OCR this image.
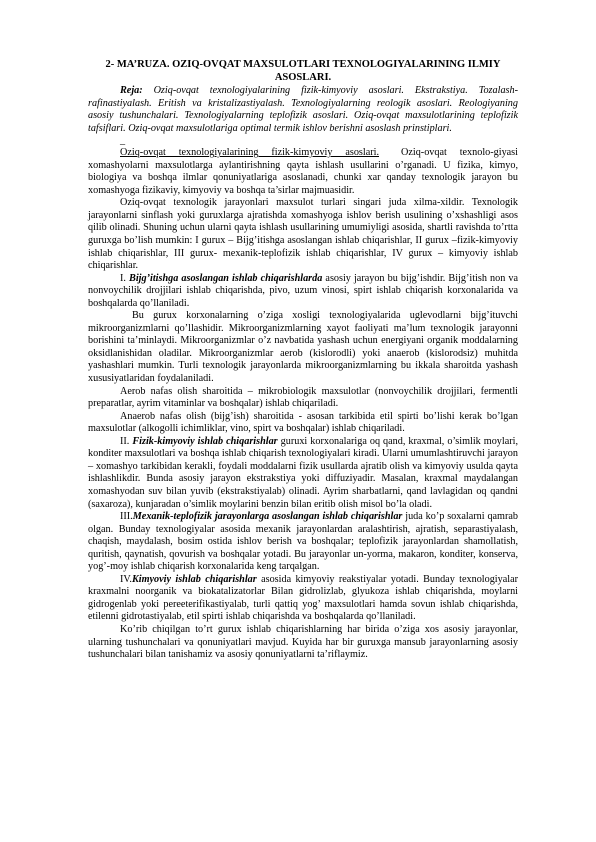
2- MA’RUZA. OZIQ-OVQAT MAXSULOTLARI TEXNOLOGIYALARINING ILMIY ASOSLARI.

Reja: Oziq-ovqat texnologiyalarining fizik-kimyoviy asoslari. Ekstrakstiya. Tozalash-rafinastiyalash. Eritish va kristalizastiyalash. Texnologiyalarning reologik asoslari. Reologiyaning asosiy tushunchalari. Texnologiyalarning teplofizik asoslari. Oziq-ovqat maxsulotlarining teplofizik tafsiflari. Oziq-ovqat maxsulotlariga optimal termik ishlov berishni asoslash prinstiplari.

_

Oziq-ovqat texnologiyalarining fizik-kimyoviy asoslari. Oziq-ovqat texnolo-giyasi xomashyolarni maxsulotlarga aylantirishning qayta ishlash usullarini o’rganadi. U fizika, kimyo, biologiya va boshqa ilmlar qonuniyatlariga asoslanadi, chunki xar qanday texnologik jarayon bu xomashyoga fizikaviy, kimyoviy va boshqa ta’sirlar majmuasidir.

Oziq-ovqat texnologik jarayonlari maxsulot turlari singari juda xilma-xildir. Texnologik jarayonlarni sinflash yoki guruxlarga ajratishda xomashyoga ishlov berish usulining o’xshashligi asos qilib olinadi. Shuning uchun ularni qayta ishlash usullarining umumiyligi asosida, shartli ravishda to’rtta guruxga bo’lish mumkin: I gurux – Bijg’itishga asoslangan ishlab chiqarishlar, II gurux –fizik-kimyoviy ishlab chiqarishlar, III gurux- mexanik-teplofizik ishlab chiqarishlar, IV gurux – kimyoviy ishlab chiqarishlar.

I. Bijg’itishga asoslangan ishlab chiqarishlarda asosiy jarayon bu bijg’ishdir. Bijg’itish non va nonvoychilik drojjilari ishlab chiqarishda, pivo, uzum vinosi, spirt ishlab chiqarish korxonalarida va boshqalarda qo’llaniladi.

Bu gurux korxonalarning o’ziga xosligi texnologiyalarida uglevodlarni bijg’ituvchi mikroorganizmlarni qo’llashidir. Mikroorganizmlarning xayot faoliyati ma’lum texnologik jarayonni borishini ta’minlaydi. Mikroorganizmlar o’z navbatida yashash uchun energiyani organik moddalarning oksidlanishidan oladilar. Mikroorganizmlar aerob (kislorodli) yoki anaerob (kislorodsiz) muhitda yashashlari mumkin. Turli texnologik jarayonlarda mikroorganizmlarning bu ikkala sharoitda yashash xususiyatlaridan foydalaniladi.

Aerob nafas olish sharoitida – mikrobiologik maxsulotlar (nonvoychilik drojjilari, fermentli preparatlar, ayrim vitaminlar va boshqalar) ishlab chiqariladi.

Anaerob nafas olish (bijg’ish) sharoitida - asosan tarkibida etil spirti bo’lishi kerak bo’lgan maxsulotlar (alkogolli ichimliklar, vino, spirt va boshqalar) ishlab chiqariladi.

II. Fizik-kimyoviy ishlab chiqarishlar guruxi korxonalariga oq qand, kraxmal, o’simlik moylari, konditer maxsulotlari va boshqa ishlab chiqarish texnologiyalari kiradi. Ularni umumlashtiruvchi jarayon – xomashyo tarkibidan kerakli, foydali moddalarni fizik usullarda ajratib olish va kimyoviy usulda qayta ishlashlikdir. Bunda asosiy jarayon ekstrakstiya yoki diffuziyadir. Masalan, kraxmal maydalangan xomashyodan suv bilan yuvib (ekstrakstiyalab) olinadi. Ayrim sharbatlarni, qand lavlagidan oq qandni (saxaroza), kunjaradan o’simlik moylarini benzin bilan eritib olish misol bo’la oladi.

III.Mexanik-teplofizik jarayonlarga asoslangan ishlab chiqarishlar juda ko’p soxalarni qamrab olgan. Bunday texnologiyalar asosida mexanik jarayonlardan aralashtirish, ajratish, separastiyalash, chaqish, maydalash, bosim ostida ishlov berish va boshqalar; teplofizik jarayonlardan shamollatish, quritish, qaynatish, qovurish va boshqalar yotadi. Bu jarayonlar un-yorma, makaron, konditer, konserva, yog’-moy ishlab chiqarish korxonalarida keng tarqalgan.

IV.Kimyoviy ishlab chiqarishlar asosida kimyoviy reakstiyalar yotadi. Bunday texnologiyalar kraxmalni noorganik va biokatalizatorlar Bilan gidrolizlab, glyukoza ishlab chiqarishda, moylarni gidrogenlab yoki pereeterifikastiyalab, turli qattiq yog’ maxsulotlari hamda sovun ishlab chiqarishda, etilenni gidrotastiyalab, etil spirti ishlab chiqarishda va boshqalarda qo’llaniladi.

Ko’rib chiqilgan to’rt gurux ishlab chiqarishlarning har birida o’ziga xos asosiy jarayonlar, ularning tushunchalari va qonuniyatlari mavjud. Kuyida har bir guruxga mansub jarayonlarning asosiy tushunchalari bilan tanishamiz va asosiy qonuniyatlarni ta’riflaymiz.
